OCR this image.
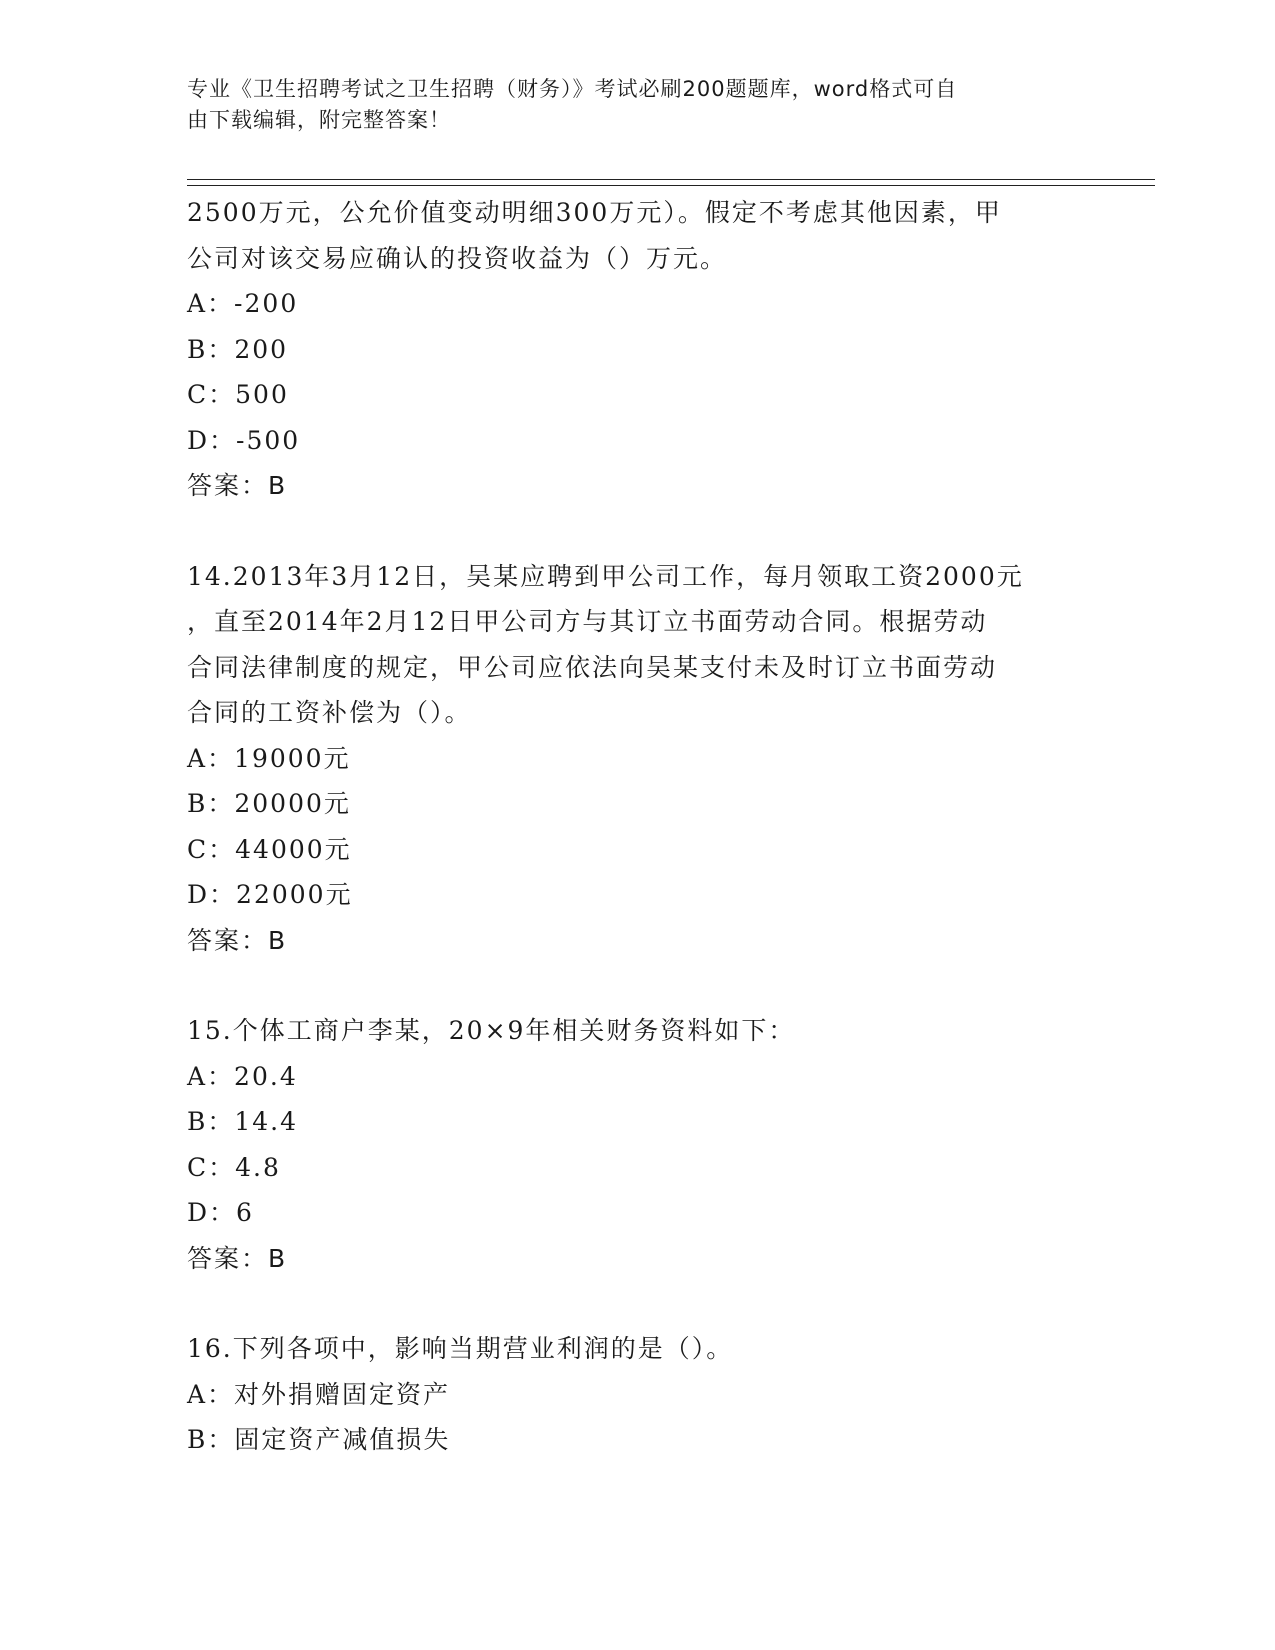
专业《卫生招聘考试之卫生招聘（财务）》考试必刷200题题库，word格式可自
由下载编辑，附完整答案！
2500万元，公允价值变动明细300万元）。假定不考虑其他因素，甲
公司对该交易应确认的投资收益为（）万元。
A：-200
B：200
C：500
D：-500
答案：B
14.2013年3月12日，吴某应聘到甲公司工作，每月领取工资2000元
，直至2014年2月12日甲公司方与其订立书面劳动合同。根据劳动
合同法律制度的规定，甲公司应依法向吴某支付未及时订立书面劳动
合同的工资补偿为（）。
A：19000元
B：20000元
C：44000元
D：22000元
答案：B
15.个体工商户李某，20×9年相关财务资料如下：
A：20.4
B：14.4
C：4.8
D：6
答案：B
16.下列各项中，影响当期营业利润的是（）。
A：对外捐赠固定资产
B：固定资产减值损失
